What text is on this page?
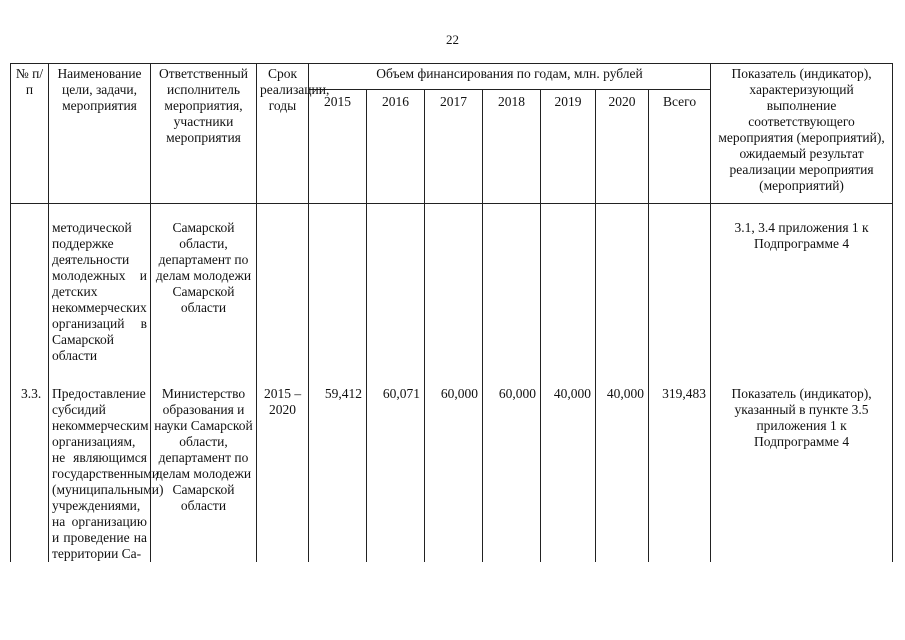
22
№ п/п	Наименование цели, задачи, мероприятия	Ответственный исполнитель мероприятия, участники мероприятия	Срок реализации, годы	Объем финансирования по годам, млн. рублей							Показатель (индикатор), характеризующий выполнение соответствующего мероприятия (мероприятий), ожидаемый результат реализации мероприятия (мероприятий)
				2015	2016	2017	2018	2019	2020	Всего	
	методической поддержке деятельности молодежных и детских некоммерческих организаций в Самарской области	Самарской области, департамент по делам молодежи Самарской области									3.1, 3.4 приложения 1 к Подпрограмме 4
3.3.	Предоставление субсидий некоммерческим организациям, не являющимся государственными (муниципальными) учреждениями, на организацию и проведение на территории Са-	Министерство образования и науки Самарской области, департамент по делам молодежи Самарской области	2015 – 2020	59,412	60,071	60,000	60,000	40,000	40,000	319,483	Показатель (индикатор), указанный в пункте 3.5 приложения 1 к Подпрограмме 4
